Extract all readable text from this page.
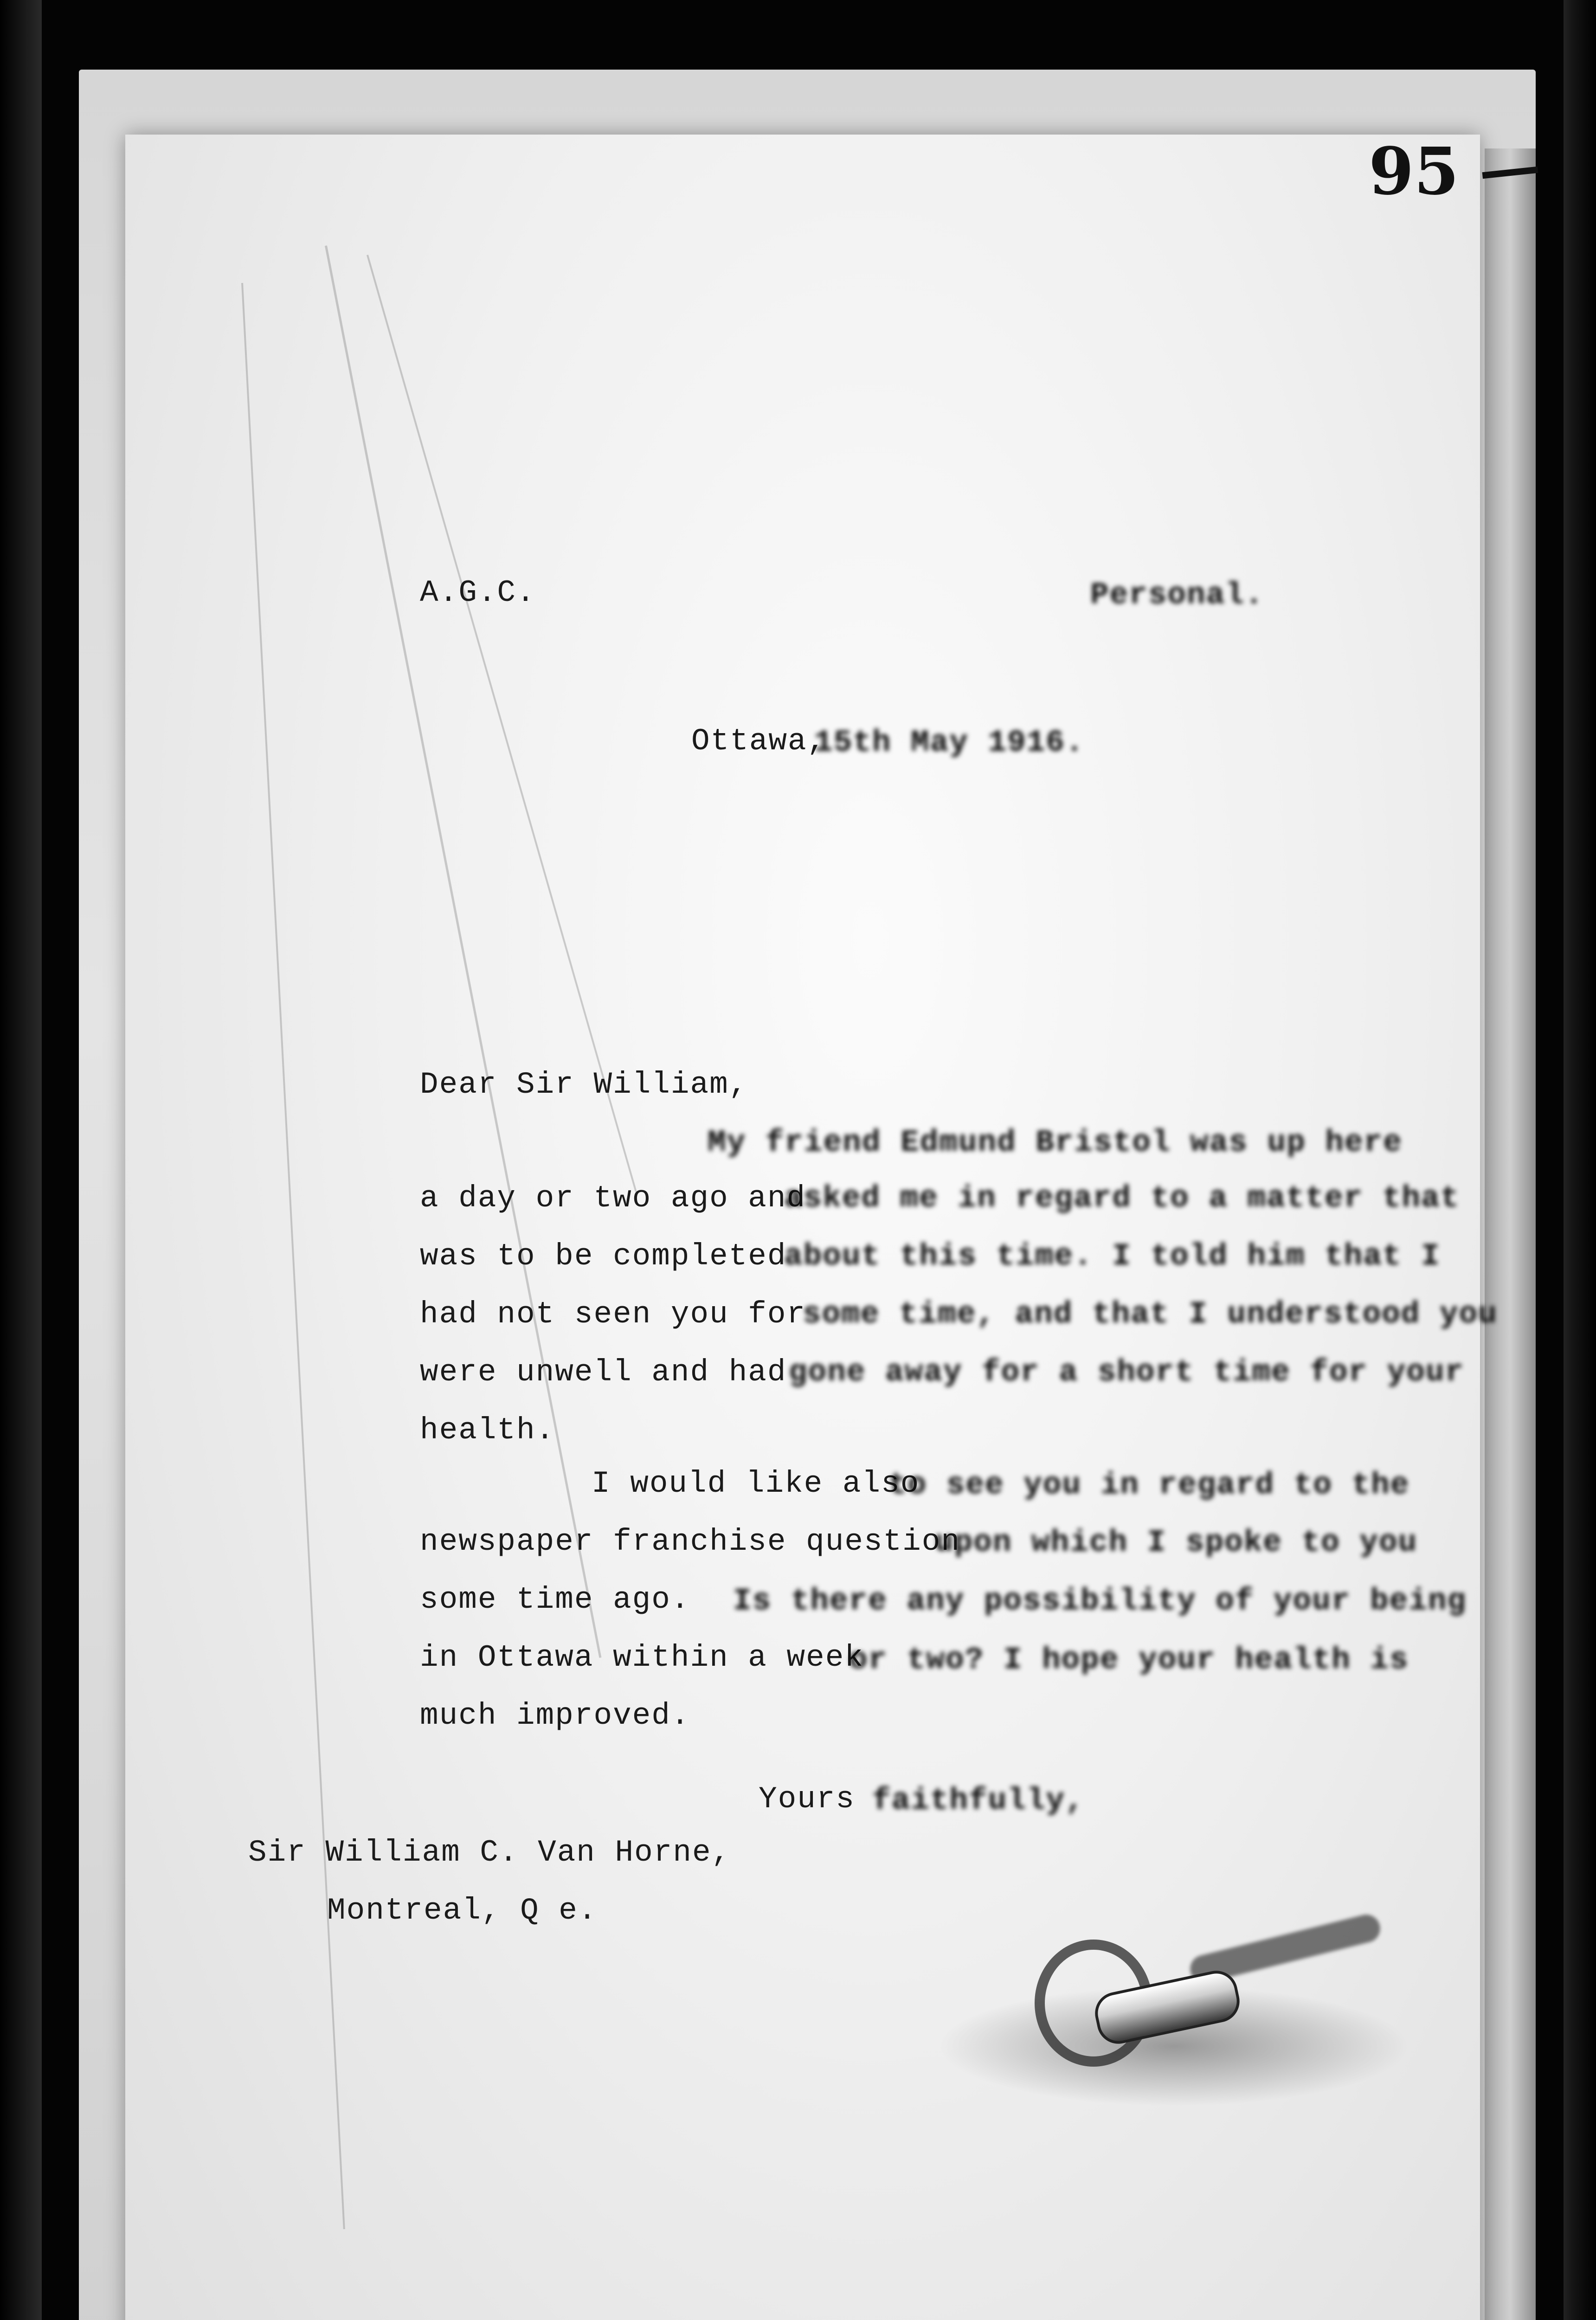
95
A.G.C.	Personal.
Ottawa,
15th May 1916.
Dear Sir William,
My friend Edmund Bristol was up here
a day or two ago and
asked me in regard to a matter that
was to be completed
about this time. I told him that I
had not seen you for
some time, and that I understood you
were unwell and had gone away for a short time for your
health.
I would like also
to see you in regard to the
newspaper franchise question
upon which I spoke to you
some time ago. Is there any possibility of your being
in Ottawa within a week
or two? I hope your health is
much improved.
Yours faithfully,
Sir William C. Van Horne,
Montreal, Q e.
